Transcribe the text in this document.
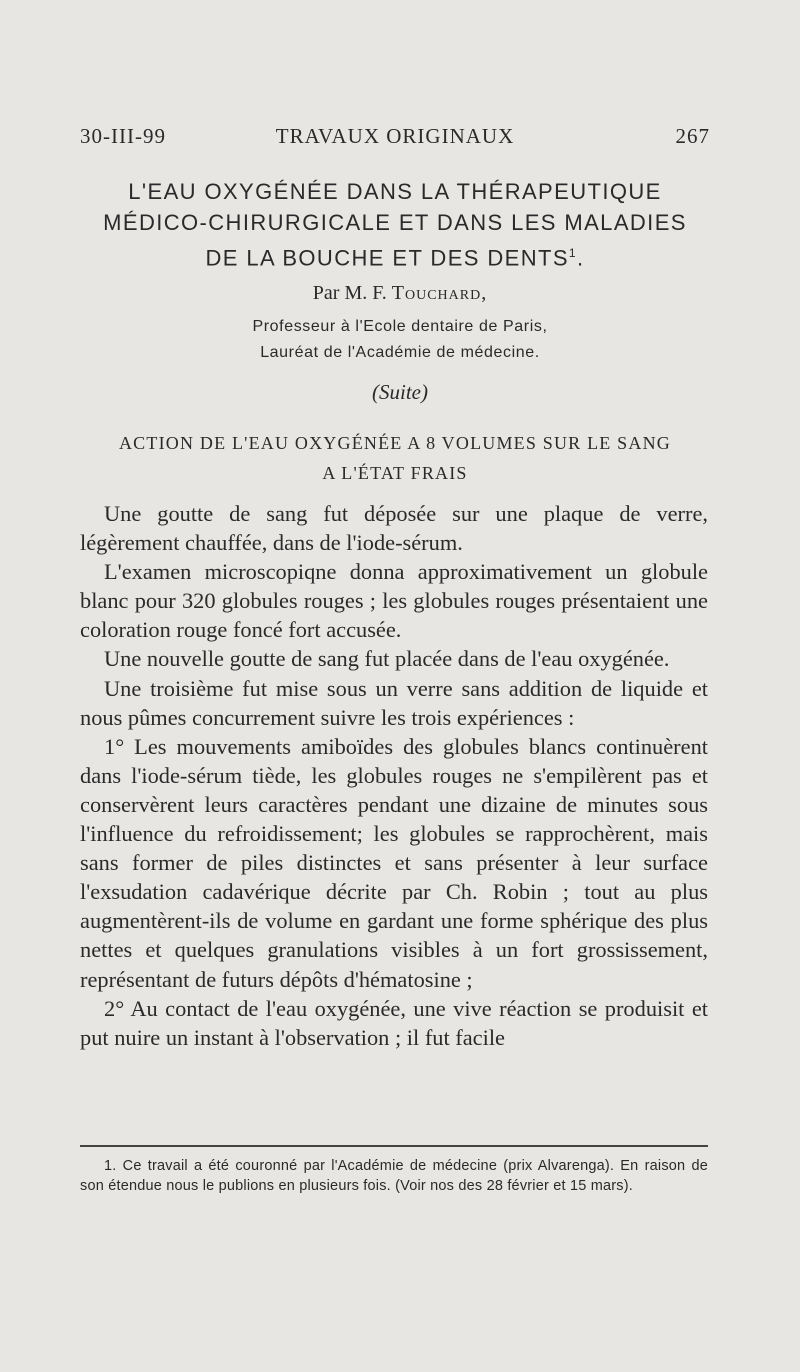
30-III-99	TRAVAUX ORIGINAUX	267
L'EAU OXYGÉNÉE DANS LA THÉRAPEUTIQUE
MÉDICO-CHIRURGICALE ET DANS LES MALADIES
DE LA BOUCHE ET DES DENTS$^1$.
Par M. F. Touchard,
Professeur à l'Ecole dentaire de Paris,
Lauréat de l'Académie de médecine.
(Suite)
ACTION DE L'EAU OXYGÉNÉE A 8 VOLUMES SUR LE SANG
A L'ÉTAT FRAIS

Une goutte de sang fut déposée sur une plaque de verre, légèrement chauffée, dans de l'iode-sérum.

L'examen microscopiqne donna approximativement un globule blanc pour 320 globules rouges ; les globules rouges présentaient une coloration rouge foncé fort accusée.

Une nouvelle goutte de sang fut placée dans de l'eau oxygénée.

Une troisième fut mise sous un verre sans addition de liquide et nous pûmes concurrement suivre les trois expériences :

1° Les mouvements amiboïdes des globules blancs continuèrent dans l'iode-sérum tiède, les globules rouges ne s'empilèrent pas et conservèrent leurs caractères pendant une dizaine de minutes sous l'influence du refroidissement; les globules se rapprochèrent, mais sans former de piles distinctes et sans présenter à leur surface l'exsudation cadavérique décrite par Ch. Robin ; tout au plus augmentèrent-ils de volume en gardant une forme sphérique des plus nettes et quelques granulations visibles à un fort grossissement, représentant de futurs dépôts d'hématosine ;

2° Au contact de l'eau oxygénée, une vive réaction se produisit et put nuire un instant à l'observation ; il fut facile

1. Ce travail a été couronné par l'Académie de médecine (prix Alvarenga). En raison de son étendue nous le publions en plusieurs fois. (Voir nos des 28 février et 15 mars).
